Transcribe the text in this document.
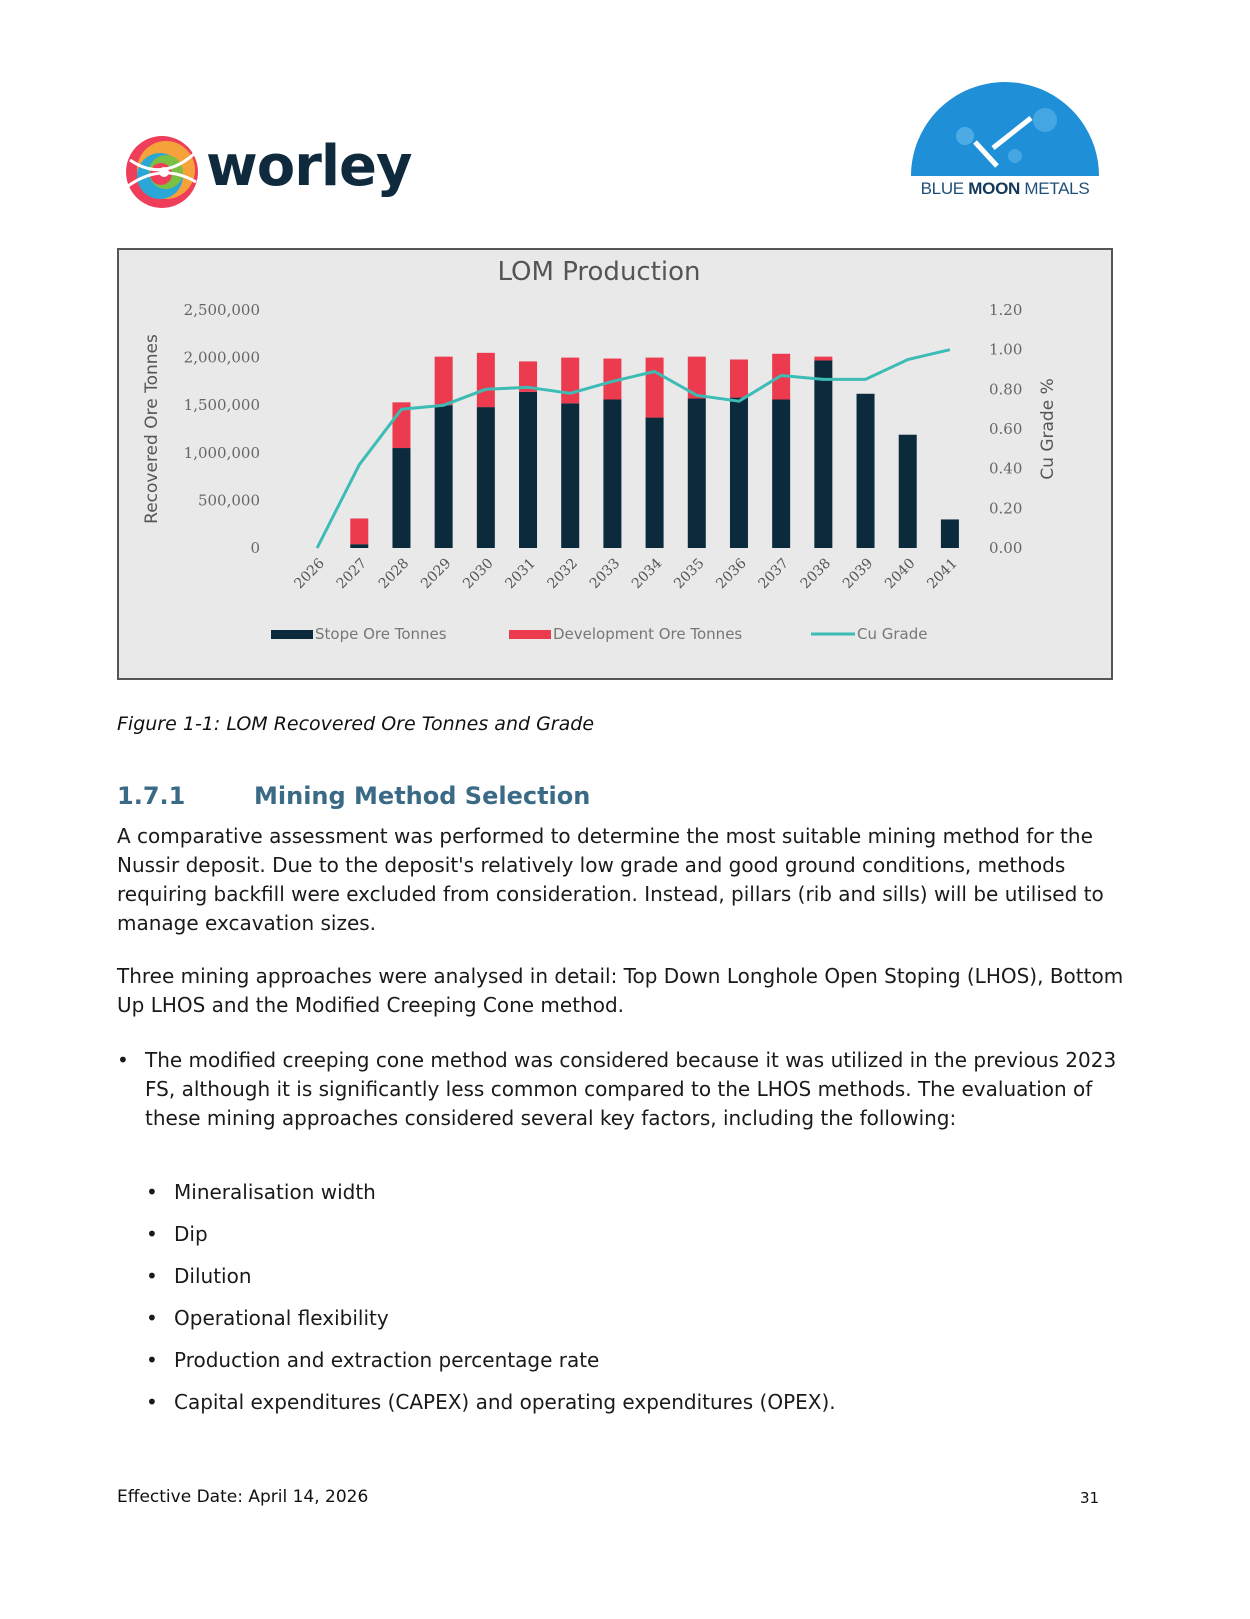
worley	BLUE MOON METALS
LOM Production
2,500,000
2,000,000
1,500,000
1,000,000
500,000
0
1.20
1.00
0.80
0.60
0.40
0.20
0.00
Recovered Ore Tonnes	Cu Grade %
2026 2027 2028 2029 2030 2031 2032 2033 2034 2035 2036 2037 2038 2039 2040 2041
Stope Ore Tonnes	Development Ore Tonnes	Cu Grade
Figure 1-1: LOM Recovered Ore Tonnes and Grade
1.7.1	Mining Method Selection
A comparative assessment was performed to determine the most suitable mining method for the Nussir deposit. Due to the deposit's relatively low grade and good ground conditions, methods requiring backfill were excluded from consideration. Instead, pillars (rib and sills) will be utilised to manage excavation sizes.
Three mining approaches were analysed in detail: Top Down Longhole Open Stoping (LHOS), Bottom Up LHOS and the Modified Creeping Cone method.
• The modified creeping cone method was considered because it was utilized in the previous 2023 FS, although it is significantly less common compared to the LHOS methods. The evaluation of these mining approaches considered several key factors, including the following:
• Mineralisation width
• Dip
• Dilution
• Operational flexibility
• Production and extraction percentage rate
• Capital expenditures (CAPEX) and operating expenditures (OPEX).
Effective Date: April 14, 2026	31
